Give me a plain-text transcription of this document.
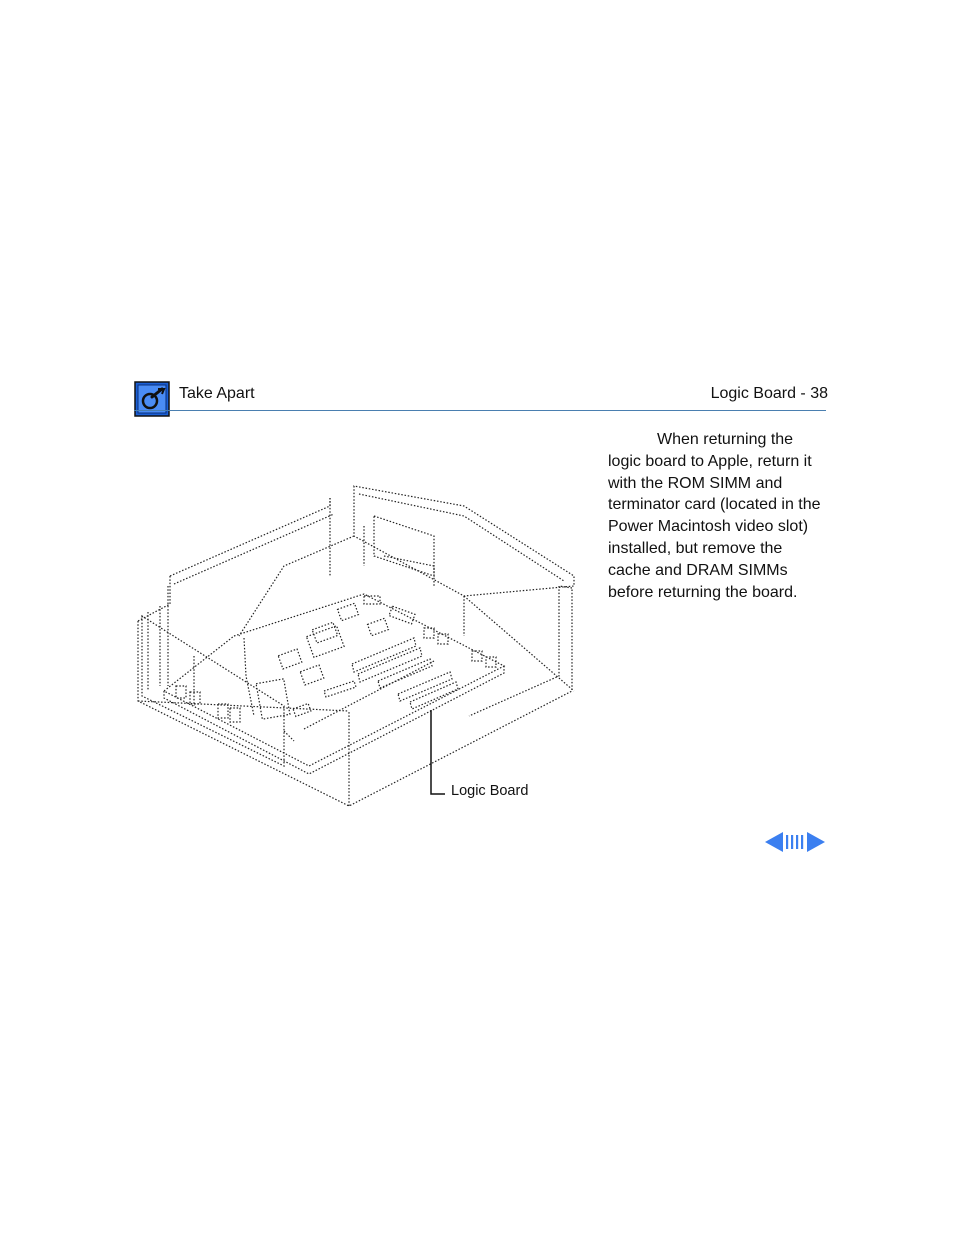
Take Apart	Logic Board - 38

When returning the logic board to Apple, return it with the ROM SIMM and terminator card (located in the Power Macintosh video slot) installed, but remove the cache and DRAM SIMMs before returning the board.

Logic Board
